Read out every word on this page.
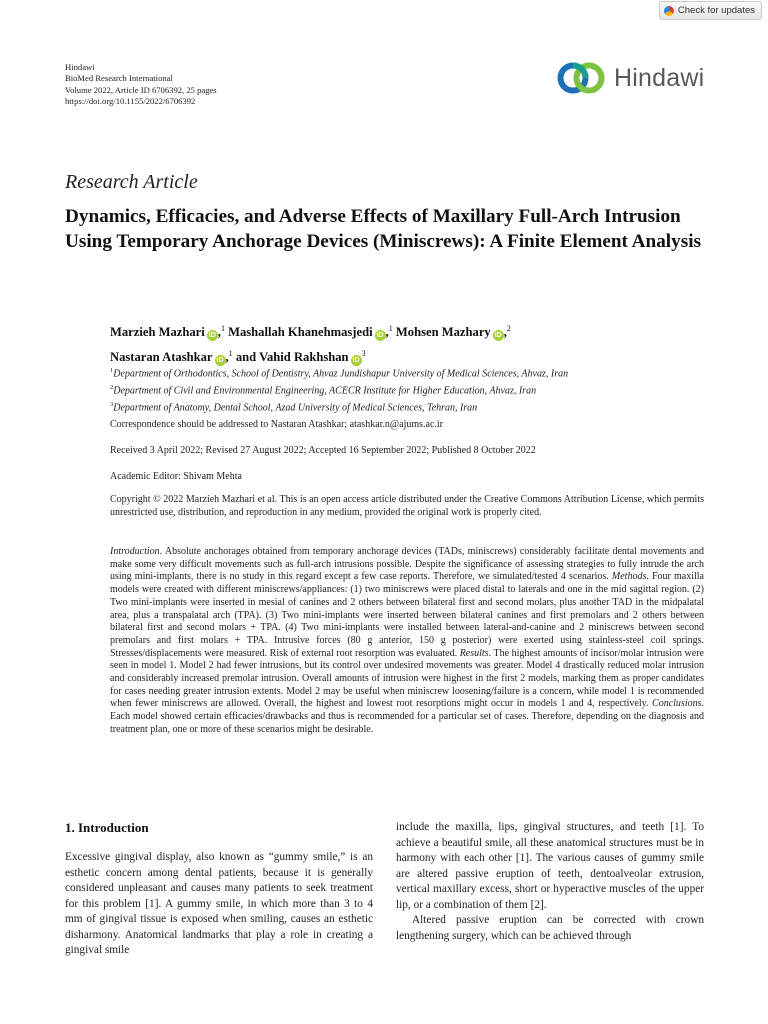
Check for updates
Hindawi
BioMed Research International
Volume 2022, Article ID 6706392, 25 pages
https://doi.org/10.1155/2022/6706392
Hindawi
Research Article
Dynamics, Efficacies, and Adverse Effects of Maxillary Full-Arch Intrusion Using Temporary Anchorage Devices (Miniscrews): A Finite Element Analysis
Marzieh Mazhari iD ,$^1$ Mashallah Khanehmasjedi iD ,$^1$ Mohsen Mazhary iD ,$^2$
Nastaran Atashkar iD ,$^1$ and Vahid Rakhshan $iD^3$
$^1$Department of Orthodontics, School of Dentistry, Ahvaz Jundishapur University of Medical Sciences, Ahvaz, Iran
$^2$Department of Civil and Environmental Engineering, ACECR Institute for Higher Education, Ahvaz, Iran
$^3$Department of Anatomy, Dental School, Azad University of Medical Sciences, Tehran, Iran
Correspondence should be addressed to Nastaran Atashkar; atashkar.n@ajums.ac.ir
Received 3 April 2022; Revised 27 August 2022; Accepted 16 September 2022; Published 8 October 2022
Academic Editor: Shivam Mehta
Copyright © 2022 Marzieh Mazhari et al. This is an open access article distributed under the Creative Commons Attribution License, which permits unrestricted use, distribution, and reproduction in any medium, provided the original work is properly cited.
Introduction. Absolute anchorages obtained from temporary anchorage devices (TADs, miniscrews) considerably facilitate dental movements and make some very difficult movements such as full-arch intrusions possible. Despite the significance of assessing strategies to fully intrude the arch using mini-implants, there is no study in this regard except a few case reports. Therefore, we simulated/tested 4 scenarios. Methods. Four maxilla models were created with different miniscrews/appliances: (1) two miniscrews were placed distal to laterals and one in the mid sagittal region. (2) Two mini-implants were inserted in mesial of canines and 2 others between bilateral first and second molars, plus another TAD in the midpalatal area, plus a transpalatal arch (TPA). (3) Two mini-implants were inserted between bilateral canines and first premolars and 2 others between bilateral first and second molars + TPA. (4) Two mini-implants were installed between lateral-and-canine and 2 miniscrews between second premolars and first molars + TPA. Intrusive forces (80 g anterior, 150 g posterior) were exerted using stainless-steel coil springs. Stresses/displacements were measured. Risk of external root resorption was evaluated. Results. The highest amounts of incisor/molar intrusion were seen in model 1. Model 2 had fewer intrusions, but its control over undesired movements was greater. Model 4 drastically reduced molar intrusion and considerably increased premolar intrusion. Overall amounts of intrusion were highest in the first 2 models, marking them as proper candidates for cases needing greater intrusion extents. Model 2 may be useful when miniscrew loosening/failure is a concern, while model 1 is recommended when fewer miniscrews are allowed. Overall, the highest and lowest root resorptions might occur in models 1 and 4, respectively. Conclusions. Each model showed certain efficacies/drawbacks and thus is recommended for a particular set of cases. Therefore, depending on the diagnosis and treatment plan, one or more of these scenarios might be desirable.
1. Introduction

Excessive gingival display, also known as “gummy smile,” is an esthetic concern among dental patients, because it is generally considered unpleasant and causes many patients to seek treatment for this problem [1]. A gummy smile, in which more than 3 to 4 mm of gingival tissue is exposed when smiling, causes an esthetic disharmony. Anatomical landmarks that play a role in creating a gingival smile

include the maxilla, lips, gingival structures, and teeth [1]. To achieve a beautiful smile, all these anatomical structures must be in harmony with each other [1]. The various causes of gummy smile are altered passive eruption of teeth, dentoalveolar extrusion, vertical maxillary excess, short or hyperactive muscles of the upper lip, or a combination of them [2].

Altered passive eruption can be corrected with crown lengthening surgery, which can be achieved through
